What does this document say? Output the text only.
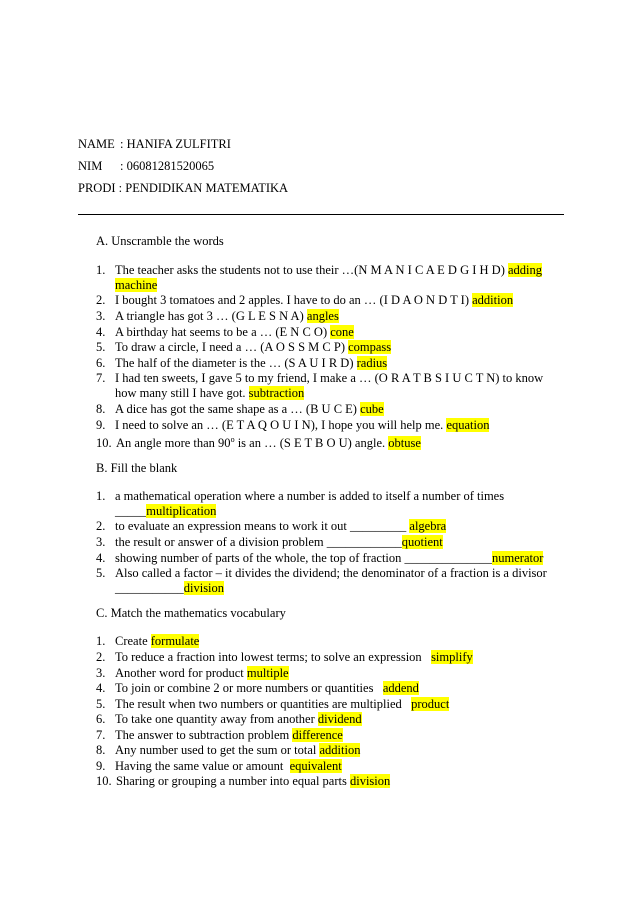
NAME : HANIFA ZULFITRI
NIM : 06081281520065
PRODI : PENDIDIKAN MATEMATIKA
A. Unscramble the words
1. The teacher asks the students not to use their …(N M A N I C A E D G I H D) adding
machine
2. I bought 3 tomatoes and 2 apples. I have to do an … (I D A O N D T I) addition
3. A triangle has got 3 … (G L E S N A) angles
4. A birthday hat seems to be a … (E N C O) cone
5. To draw a circle, I need a … (A O S S M C P) compass
6. The half of the diameter is the … (S A U I R D) radius
7. I had ten sweets, I gave 5 to my friend, I make a … (O R A T B S I U C T N) to know
how many still I have got. subtraction
8. A dice has got the same shape as a … (B U C E) cube
9. I need to solve an … (E T A Q O U I N), I hope you will help me. equation
10. An angle more than 90$^o$ is an … (S E T B O U) angle. obtuse
B. Fill the blank
1. a mathematical operation where a number is added to itself a number of times
_____multiplication
2. to evaluate an expression means to work it out _________ algebra
3. the result or answer of a division problem ____________quotient
4. showing number of parts of the whole, the top of fraction ______________numerator
5. Also called a factor – it divides the dividend; the denominator of a fraction is a divisor
___________division
C. Match the mathematics vocabulary
1. Create formulate
2. To reduce a fraction into lowest terms; to solve an expression simplify
3. Another word for product multiple
4. To join or combine 2 or more numbers or quantities addend
5. The result when two numbers or quantities are multiplied product
6. To take one quantity away from another dividend
7. The answer to subtraction problem difference
8. Any number used to get the sum or total addition
9. Having the same value or amount equivalent
10. Sharing or grouping a number into equal parts division
